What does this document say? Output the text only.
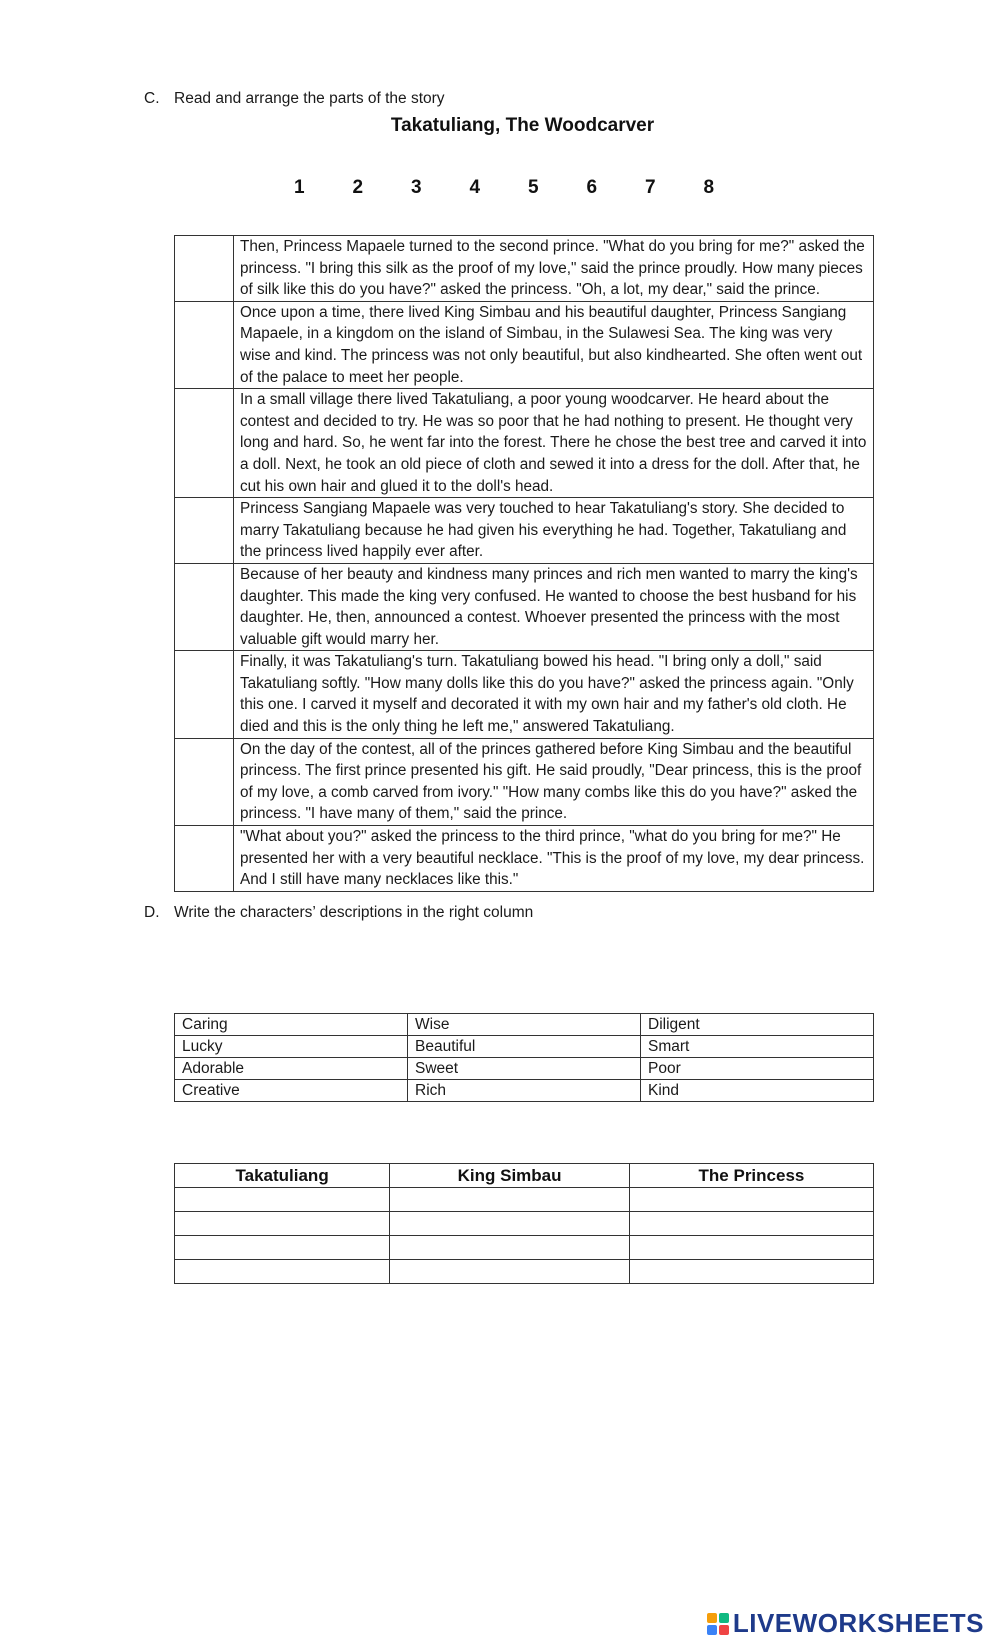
C. Read and arrange the parts of the story
Takatuliang, The Woodcarver
1	2	3	4	5	6	7	8
	Then, Princess Mapaele turned to the second prince. "What do you bring for me?" asked the princess. "I bring this silk as the proof of my love," said the prince proudly. How many pieces of silk like this do you have?" asked the princess. "Oh, a lot, my dear," said the prince.
	Once upon a time, there lived King Simbau and his beautiful daughter, Princess Sangiang Mapaele, in a kingdom on the island of Simbau, in the Sulawesi Sea. The king was very wise and kind. The princess was not only beautiful, but also kindhearted. She often went out of the palace to meet her people.
	In a small village there lived Takatuliang, a poor young woodcarver. He heard about the contest and decided to try. He was so poor that he had nothing to present. He thought very long and hard. So, he went far into the forest. There he chose the best tree and carved it into a doll. Next, he took an old piece of cloth and sewed it into a dress for the doll. After that, he cut his own hair and glued it to the doll's head.
	Princess Sangiang Mapaele was very touched to hear Takatuliang's story. She decided to marry Takatuliang because he had given his everything he had. Together, Takatuliang and the princess lived happily ever after.
	Because of her beauty and kindness many princes and rich men wanted to marry the king's daughter. This made the king very confused. He wanted to choose the best husband for his daughter. He, then, announced a contest. Whoever presented the princess with the most valuable gift would marry her.
	Finally, it was Takatuliang's turn. Takatuliang bowed his head. "I bring only a doll," said Takatuliang softly. "How many dolls like this do you have?" asked the princess again. "Only this one. I carved it myself and decorated it with my own hair and my father's old cloth. He died and this is the only thing he left me," answered Takatuliang.
	On the day of the contest, all of the princes gathered before King Simbau and the beautiful princess. The first prince presented his gift. He said proudly, "Dear princess, this is the proof of my love, a comb carved from ivory." "How many combs like this do you have?" asked the princess. "I have many of them," said the prince.
	"What about you?" asked the princess to the third prince, "what do you bring for me?" He presented her with a very beautiful necklace. "This is the proof of my love, my dear princess. And I still have many necklaces like this."
D. Write the characters’ descriptions in the right column
Caring	Wise	Diligent
Lucky	Beautiful	Smart
Adorable	Sweet	Poor
Creative	Rich	Kind
Takatuliang	King Simbau	The Princess

LIVEWORKSHEETS
